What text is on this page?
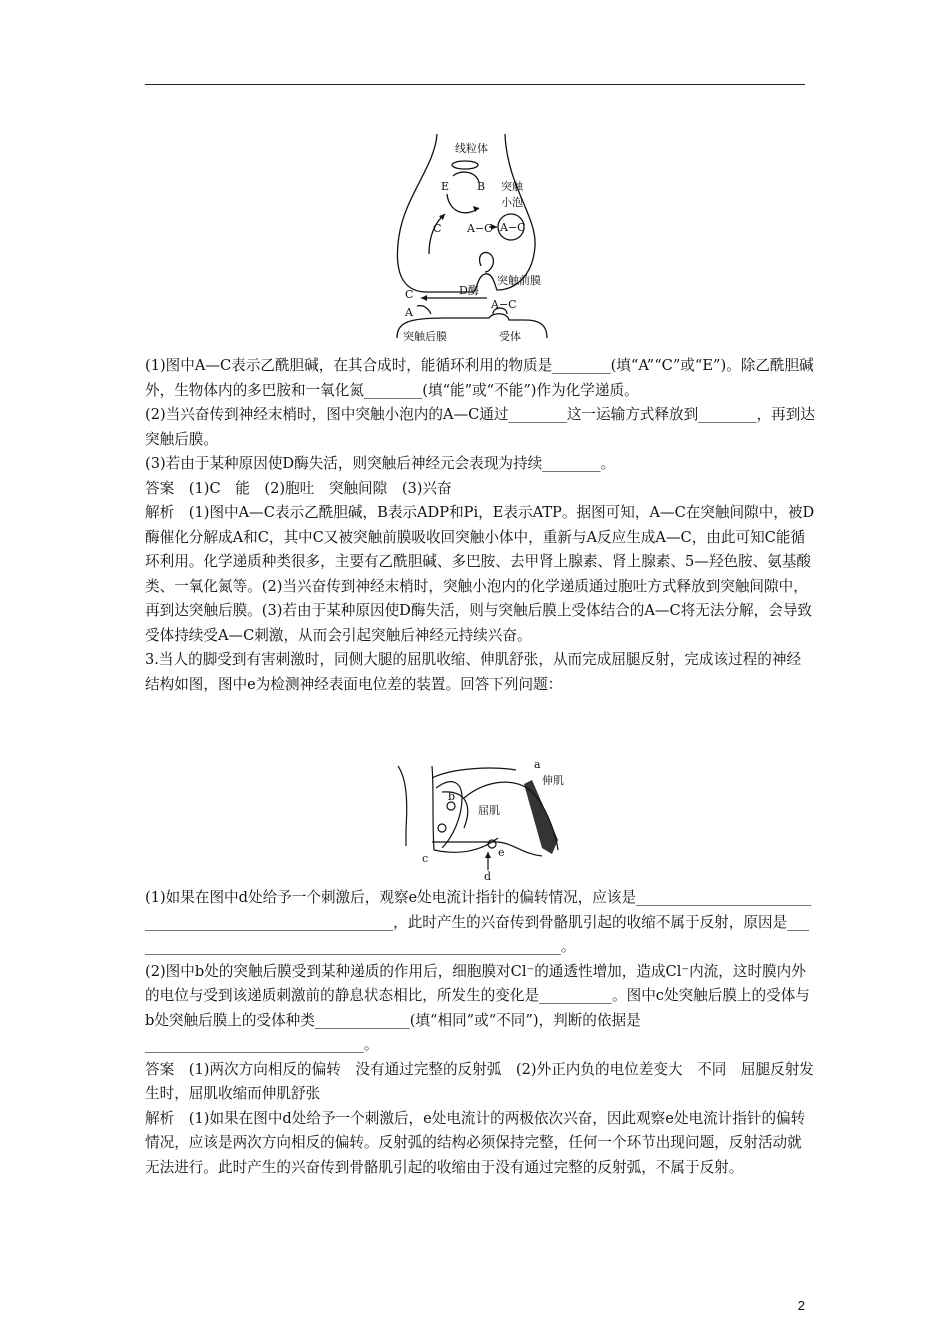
线粒体
E	B 突触
小泡
C A−C A−C
突触前膜
C	D酶
A−C
A
突触后膜	受体

(1)图中A—C表示乙酰胆碱，在其合成时，能循环利用的物质是________(填“A”“C”或“E”)。除乙酰胆碱外，生物体内的多巴胺和一氧化氮________(填“能”或“不能”)作为化学递质。

(2)当兴奋传到神经末梢时，图中突触小泡内的A—C通过________这一运输方式释放到________，再到达突触后膜。

(3)若由于某种原因使D酶失活，则突触后神经元会表现为持续________。

答案　(1)C　能　(2)胞吐　突触间隙　(3)兴奋

解析　(1)图中A—C表示乙酰胆碱，B表示ADP和Pi，E表示ATP。据图可知，A—C在突触间隙中，被D酶催化分解成A和C，其中C又被突触前膜吸收回突触小体中，重新与A反应生成A—C，由此可知C能循环利用。化学递质种类很多，主要有乙酰胆碱、多巴胺、去甲肾上腺素、肾上腺素、5—羟色胺、氨基酸类、一氧化氮等。(2)当兴奋传到神经末梢时，突触小泡内的化学递质通过胞吐方式释放到突触间隙中，再到达突触后膜。(3)若由于某种原因使D酶失活，则与突触后膜上受体结合的A—C将无法分解，会导致受体持续受A—C刺激，从而会引起突触后神经元持续兴奋。

3.当人的脚受到有害刺激时，同侧大腿的屈肌收缩、伸肌舒张，从而完成屈腿反射，完成该过程的神经结构如图，图中e为检测神经表面电位差的装置。回答下列问题：

a
伸肌
b
屈肌
c	e
d

(1)如果在图中d处给予一个刺激后，观察e处电流计指针的偏转情况，应该是__________________________________________________________，此时产生的兴奋传到骨骼肌引起的收缩不属于反射，原因是____________________________________________________________。

(2)图中b处的突触后膜受到某种递质的作用后，细胞膜对Cl⁻的通透性增加，造成Cl⁻内流，这时膜内外的电位与受到该递质刺激前的静息状态相比，所发生的变化是__________。图中c处突触后膜上的受体与b处突触后膜上的受体种类_____________(填“相同”或“不同”)，判断的依据是______________________________。

答案　(1)两次方向相反的偏转　没有通过完整的反射弧　(2)外正内负的电位差变大　不同　屈腿反射发生时，屈肌收缩而伸肌舒张

解析　(1)如果在图中d处给予一个刺激后，e处电流计的两极依次兴奋，因此观察e处电流计指针的偏转情况，应该是两次方向相反的偏转。反射弧的结构必须保持完整，任何一个环节出现问题，反射活动就无法进行。此时产生的兴奋传到骨骼肌引起的收缩由于没有通过完整的反射弧，不属于反射。

2
